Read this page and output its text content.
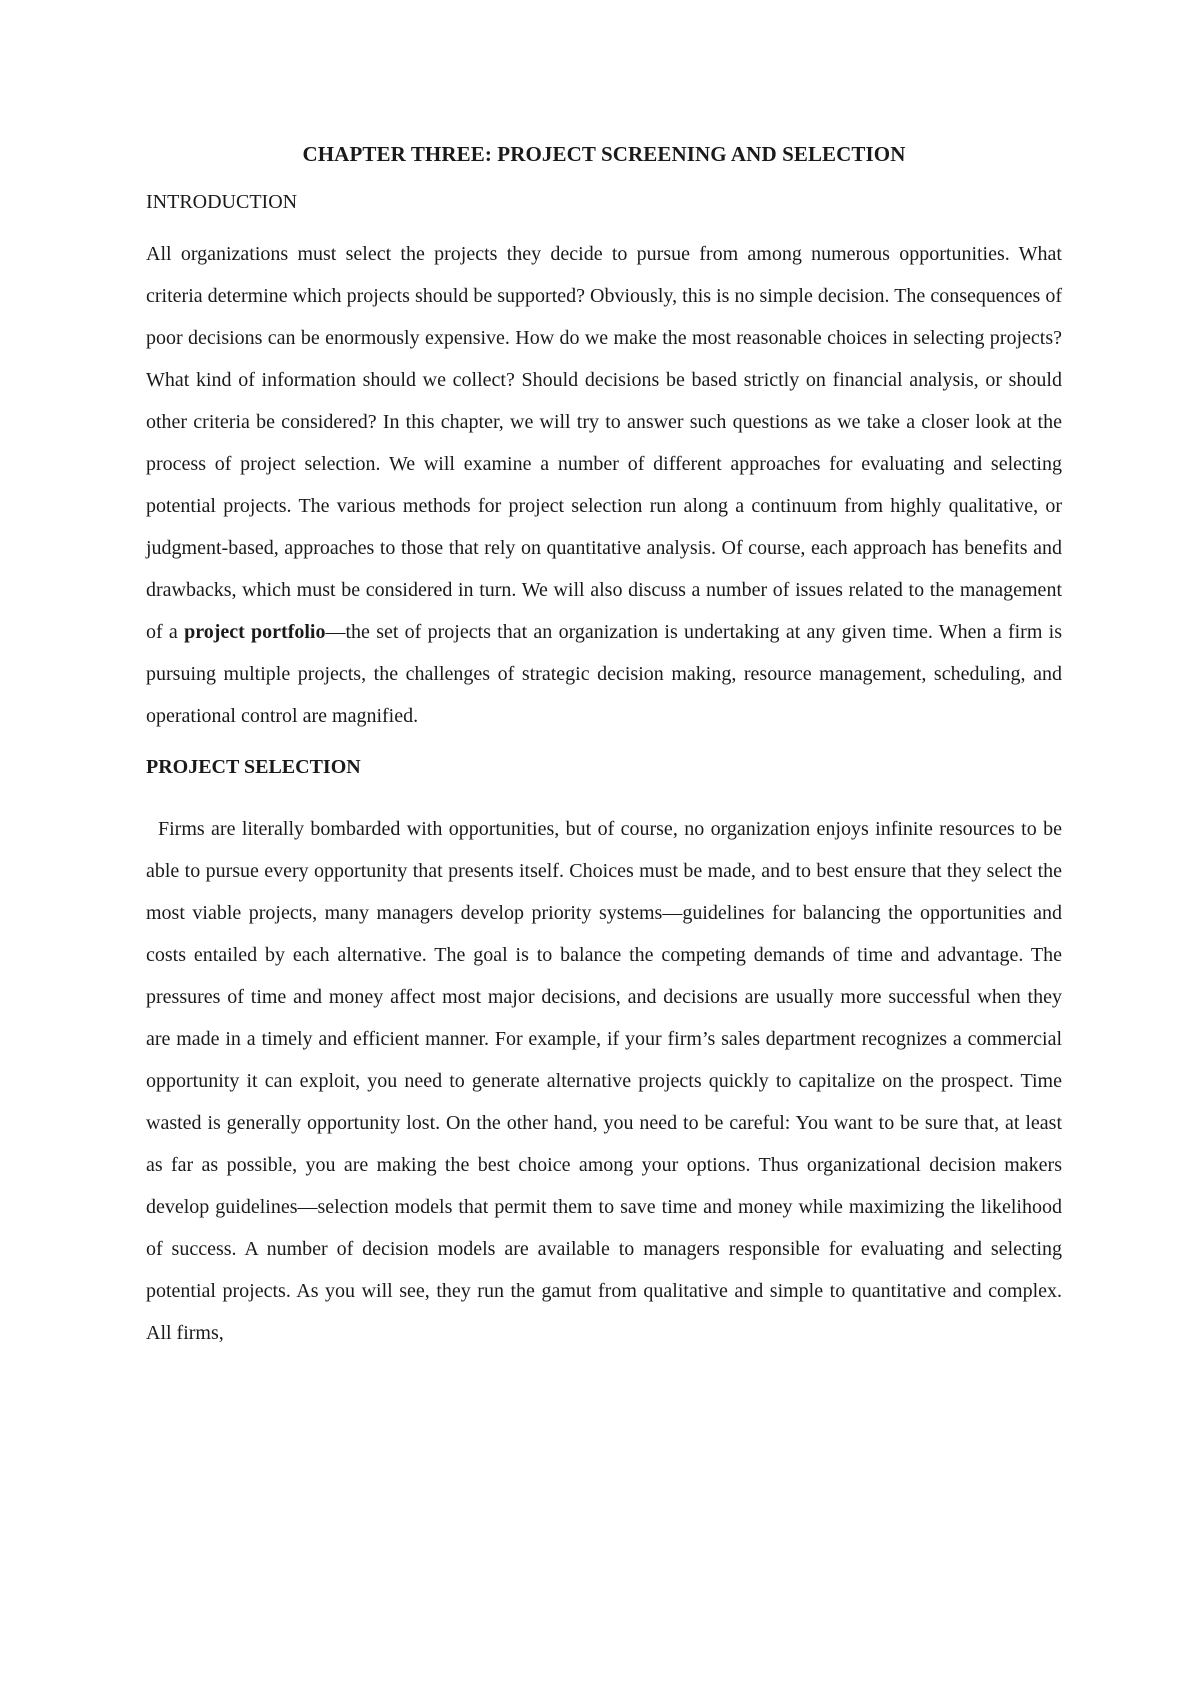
CHAPTER THREE: PROJECT SCREENING AND SELECTION
INTRODUCTION

All organizations must select the projects they decide to pursue from among numerous opportunities. What criteria determine which projects should be supported? Obviously, this is no simple decision. The consequences of poor decisions can be enormously expensive. How do we make the most reasonable choices in selecting projects? What kind of information should we collect? Should decisions be based strictly on financial analysis, or should other criteria be considered? In this chapter, we will try to answer such questions as we take a closer look at the process of project selection. We will examine a number of different approaches for evaluating and selecting potential projects. The various methods for project selection run along a continuum from highly qualitative, or judgment-based, approaches to those that rely on quantitative analysis. Of course, each approach has benefits and drawbacks, which must be considered in turn. We will also discuss a number of issues related to the management of a project portfolio—the set of projects that an organization is undertaking at any given time. When a firm is pursuing multiple projects, the challenges of strategic decision making, resource management, scheduling, and operational control are magnified.

PROJECT SELECTION

Firms are literally bombarded with opportunities, but of course, no organization enjoys infinite resources to be able to pursue every opportunity that presents itself. Choices must be made, and to best ensure that they select the most viable projects, many managers develop priority systems—guidelines for balancing the opportunities and costs entailed by each alternative. The goal is to balance the competing demands of time and advantage. The pressures of time and money affect most major decisions, and decisions are usually more successful when they are made in a timely and efficient manner. For example, if your firm’s sales department recognizes a commercial opportunity it can exploit, you need to generate alternative projects quickly to capitalize on the prospect. Time wasted is generally opportunity lost. On the other hand, you need to be careful: You want to be sure that, at least as far as possible, you are making the best choice among your options. Thus organizational decision makers develop guidelines—selection models that permit them to save time and money while maximizing the likelihood of success. A number of decision models are available to managers responsible for evaluating and selecting potential projects. As you will see, they run the gamut from qualitative and simple to quantitative and complex. All firms,
